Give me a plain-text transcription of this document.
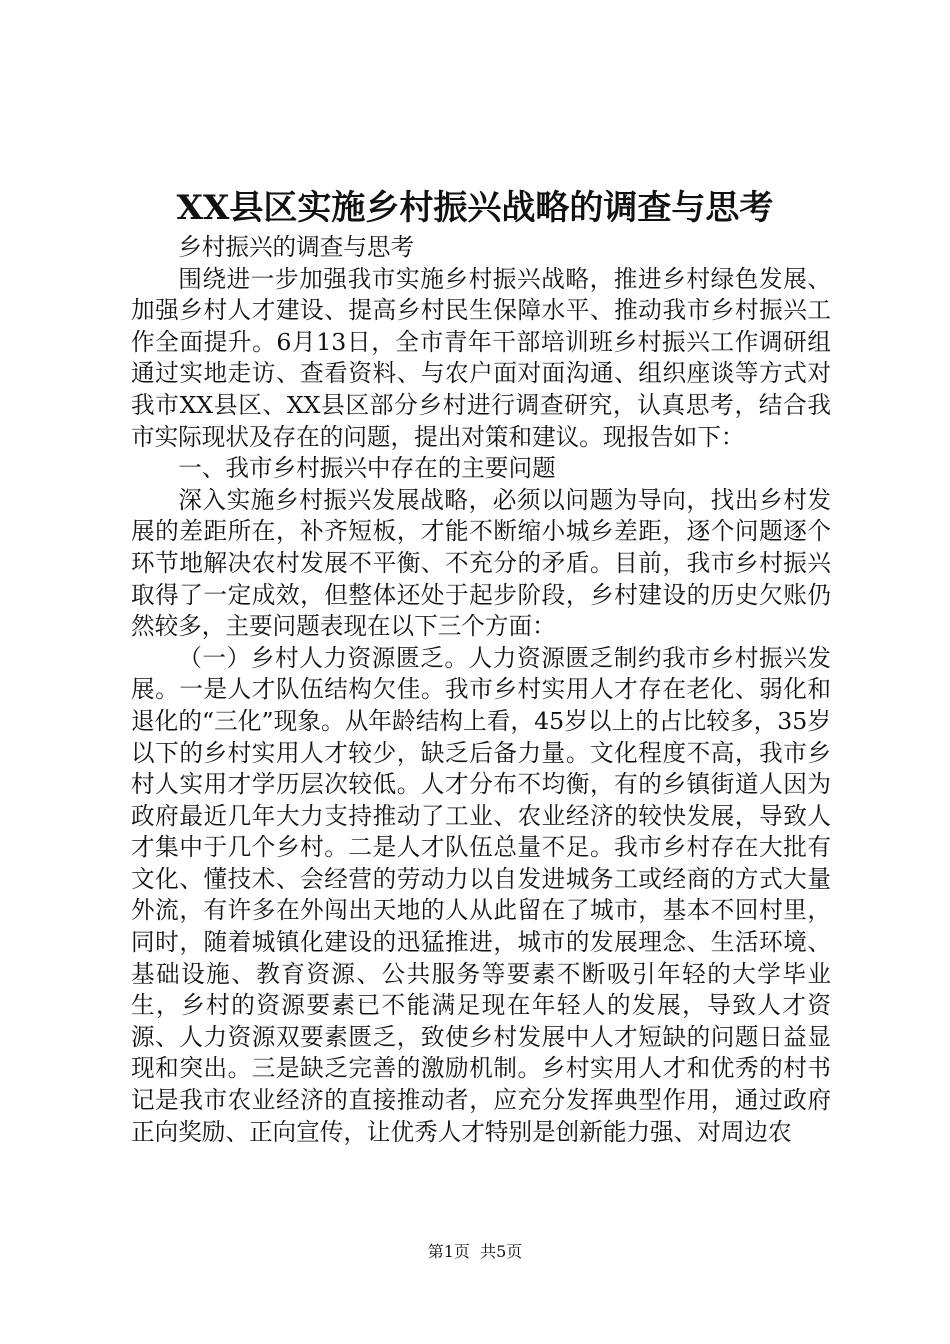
XX县区实施乡村振兴战略的调查与思考

乡村振兴的调查与思考

围绕进一步加强我市实施乡村振兴战略，推进乡村绿色发展、加强乡村人才建设、提高乡村民生保障水平、推动我市乡村振兴工作全面提升。6月13日，全市青年干部培训班乡村振兴工作调研组通过实地走访、查看资料、与农户面对面沟通、组织座谈等方式对我市XX县区、XX县区部分乡村进行调查研究，认真思考，结合我市实际现状及存在的问题，提出对策和建议。现报告如下：

一、我市乡村振兴中存在的主要问题

深入实施乡村振兴发展战略，必须以问题为导向，找出乡村发展的差距所在，补齐短板，才能不断缩小城乡差距，逐个问题逐个环节地解决农村发展不平衡、不充分的矛盾。目前，我市乡村振兴取得了一定成效，但整体还处于起步阶段，乡村建设的历史欠账仍然较多，主要问题表现在以下三个方面：

（一）乡村人力资源匮乏。人力资源匮乏制约我市乡村振兴发展。一是人才队伍结构欠佳。我市乡村实用人才存在老化、弱化和退化的“三化”现象。从年龄结构上看，45岁以上的占比较多，35岁以下的乡村实用人才较少，缺乏后备力量。文化程度不高，我市乡村人实用才学历层次较低。人才分布不均衡，有的乡镇街道人因为政府最近几年大力支持推动了工业、农业经济的较快发展，导致人才集中于几个乡村。二是人才队伍总量不足。我市乡村存在大批有文化、懂技术、会经营的劳动力以自发进城务工或经商的方式大量外流，有许多在外闯出天地的人从此留在了城市，基本不回村里，同时，随着城镇化建设的迅猛推进，城市的发展理念、生活环境、基础设施、教育资源、公共服务等要素不断吸引年轻的大学毕业生，乡村的资源要素已不能满足现在年轻人的发展，导致人才资源、人力资源双要素匮乏，致使乡村发展中人才短缺的问题日益显现和突出。三是缺乏完善的激励机制。乡村实用人才和优秀的村书记是我市农业经济的直接推动者，应充分发挥典型作用，通过政府正向奖励、正向宣传，让优秀人才特别是创新能力强、对周边农

第1页  共5页
